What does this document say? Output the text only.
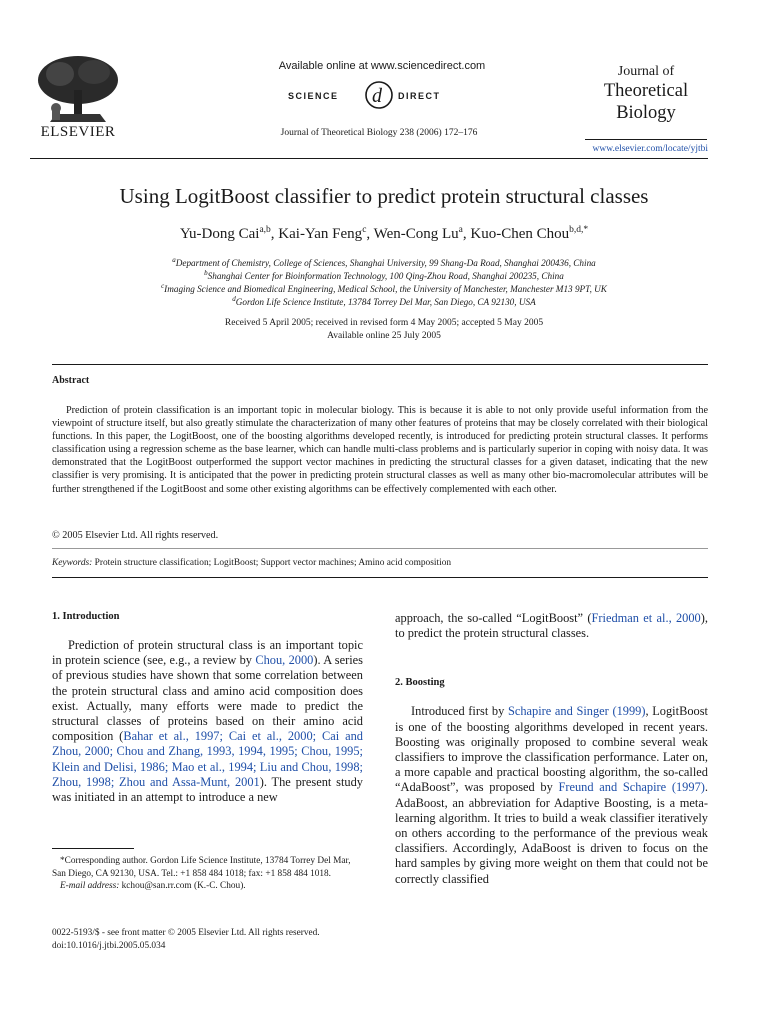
ELSEVIER
Available online at www.sciencedirect.com
SCIENCE d DIRECT
Journal of Theoretical Biology 238 (2006) 172–176
Journal of
Theoretical
Biology
www.elsevier.com/locate/yjtbi
Using LogitBoost classifier to predict protein structural classes
Yu-Dong Cai$^{a,b}$, Kai-Yan Feng$^c$, Wen-Cong Lu$^a$, Kuo-Chen Chou$^{b,d,*}$
$^a$Department of Chemistry, College of Sciences, Shanghai University, 99 Shang-Da Road, Shanghai 200436, China
$^b$Shanghai Center for Bioinformation Technology, 100 Qing-Zhou Road, Shanghai 200235, China
$^c$Imaging Science and Biomedical Engineering, Medical School, the University of Manchester, Manchester M13 9PT, UK
$^d$Gordon Life Science Institute, 13784 Torrey Del Mar, San Diego, CA 92130, USA
Received 5 April 2005; received in revised form 4 May 2005; accepted 5 May 2005
Available online 25 July 2005
Abstract

Prediction of protein classification is an important topic in molecular biology. This is because it is able to not only provide useful information from the viewpoint of structure itself, but also greatly stimulate the characterization of many other features of proteins that may be closely correlated with their biological functions. In this paper, the LogitBoost, one of the boosting algorithms developed recently, is introduced for predicting protein structural classes. It performs classification using a regression scheme as the base learner, which can handle multi-class problems and is particularly superior in coping with noisy data. It was demonstrated that the LogitBoost outperformed the support vector machines in predicting the structural classes for a given dataset, indicating that the new classifier is very promising. It is anticipated that the power in predicting protein structural classes as well as many other bio-macromolecular attributes will be further strengthened if the LogitBoost and some other existing algorithms can be effectively complemented with each other.

© 2005 Elsevier Ltd. All rights reserved.
Keywords: Protein structure classification; LogitBoost; Support vector machines; Amino acid composition
1. Introduction

Prediction of protein structural class is an important topic in protein science (see, e.g., a review by Chou, 2000). A series of previous studies have shown that some correlation between the protein structural class and amino acid composition does exist. Actually, many efforts were made to predict the structural classes of proteins based on their amino acid composition (Bahar et al., 1997; Cai et al., 2000; Cai and Zhou, 2000; Chou and Zhang, 1993, 1994, 1995; Chou, 1995; Klein and Delisi, 1986; Mao et al., 1994; Liu and Chou, 1998; Zhou, 1998; Zhou and Assa-Munt, 2001). The present study was initiated in an attempt to introduce a new

*Corresponding author. Gordon Life Science Institute, 13784 Torrey Del Mar, San Diego, CA 92130, USA. Tel.: +1 858 484 1018; fax: +1 858 484 1018.

E-mail address: kchou@san.rr.com (K.-C. Chou).

0022-5193/$ - see front matter © 2005 Elsevier Ltd. All rights reserved.
doi:10.1016/j.jtbi.2005.05.034

approach, the so-called “LogitBoost” (Friedman et al., 2000), to predict the protein structural classes.

2. Boosting

Introduced first by Schapire and Singer (1999), LogitBoost is one of the boosting algorithms developed in recent years. Boosting was originally proposed to combine several weak classifiers to improve the classification performance. Later on, a more capable and practical boosting algorithm, the so-called “AdaBoost”, was proposed by Freund and Schapire (1997). AdaBoost, an abbreviation for Adaptive Boosting, is a meta-learning algorithm. It tries to build a weak classifier iteratively on others according to the performance of the previous weak classifiers. Accordingly, AdaBoost is driven to focus on the hard samples by giving more weight on them that could not be correctly classified
